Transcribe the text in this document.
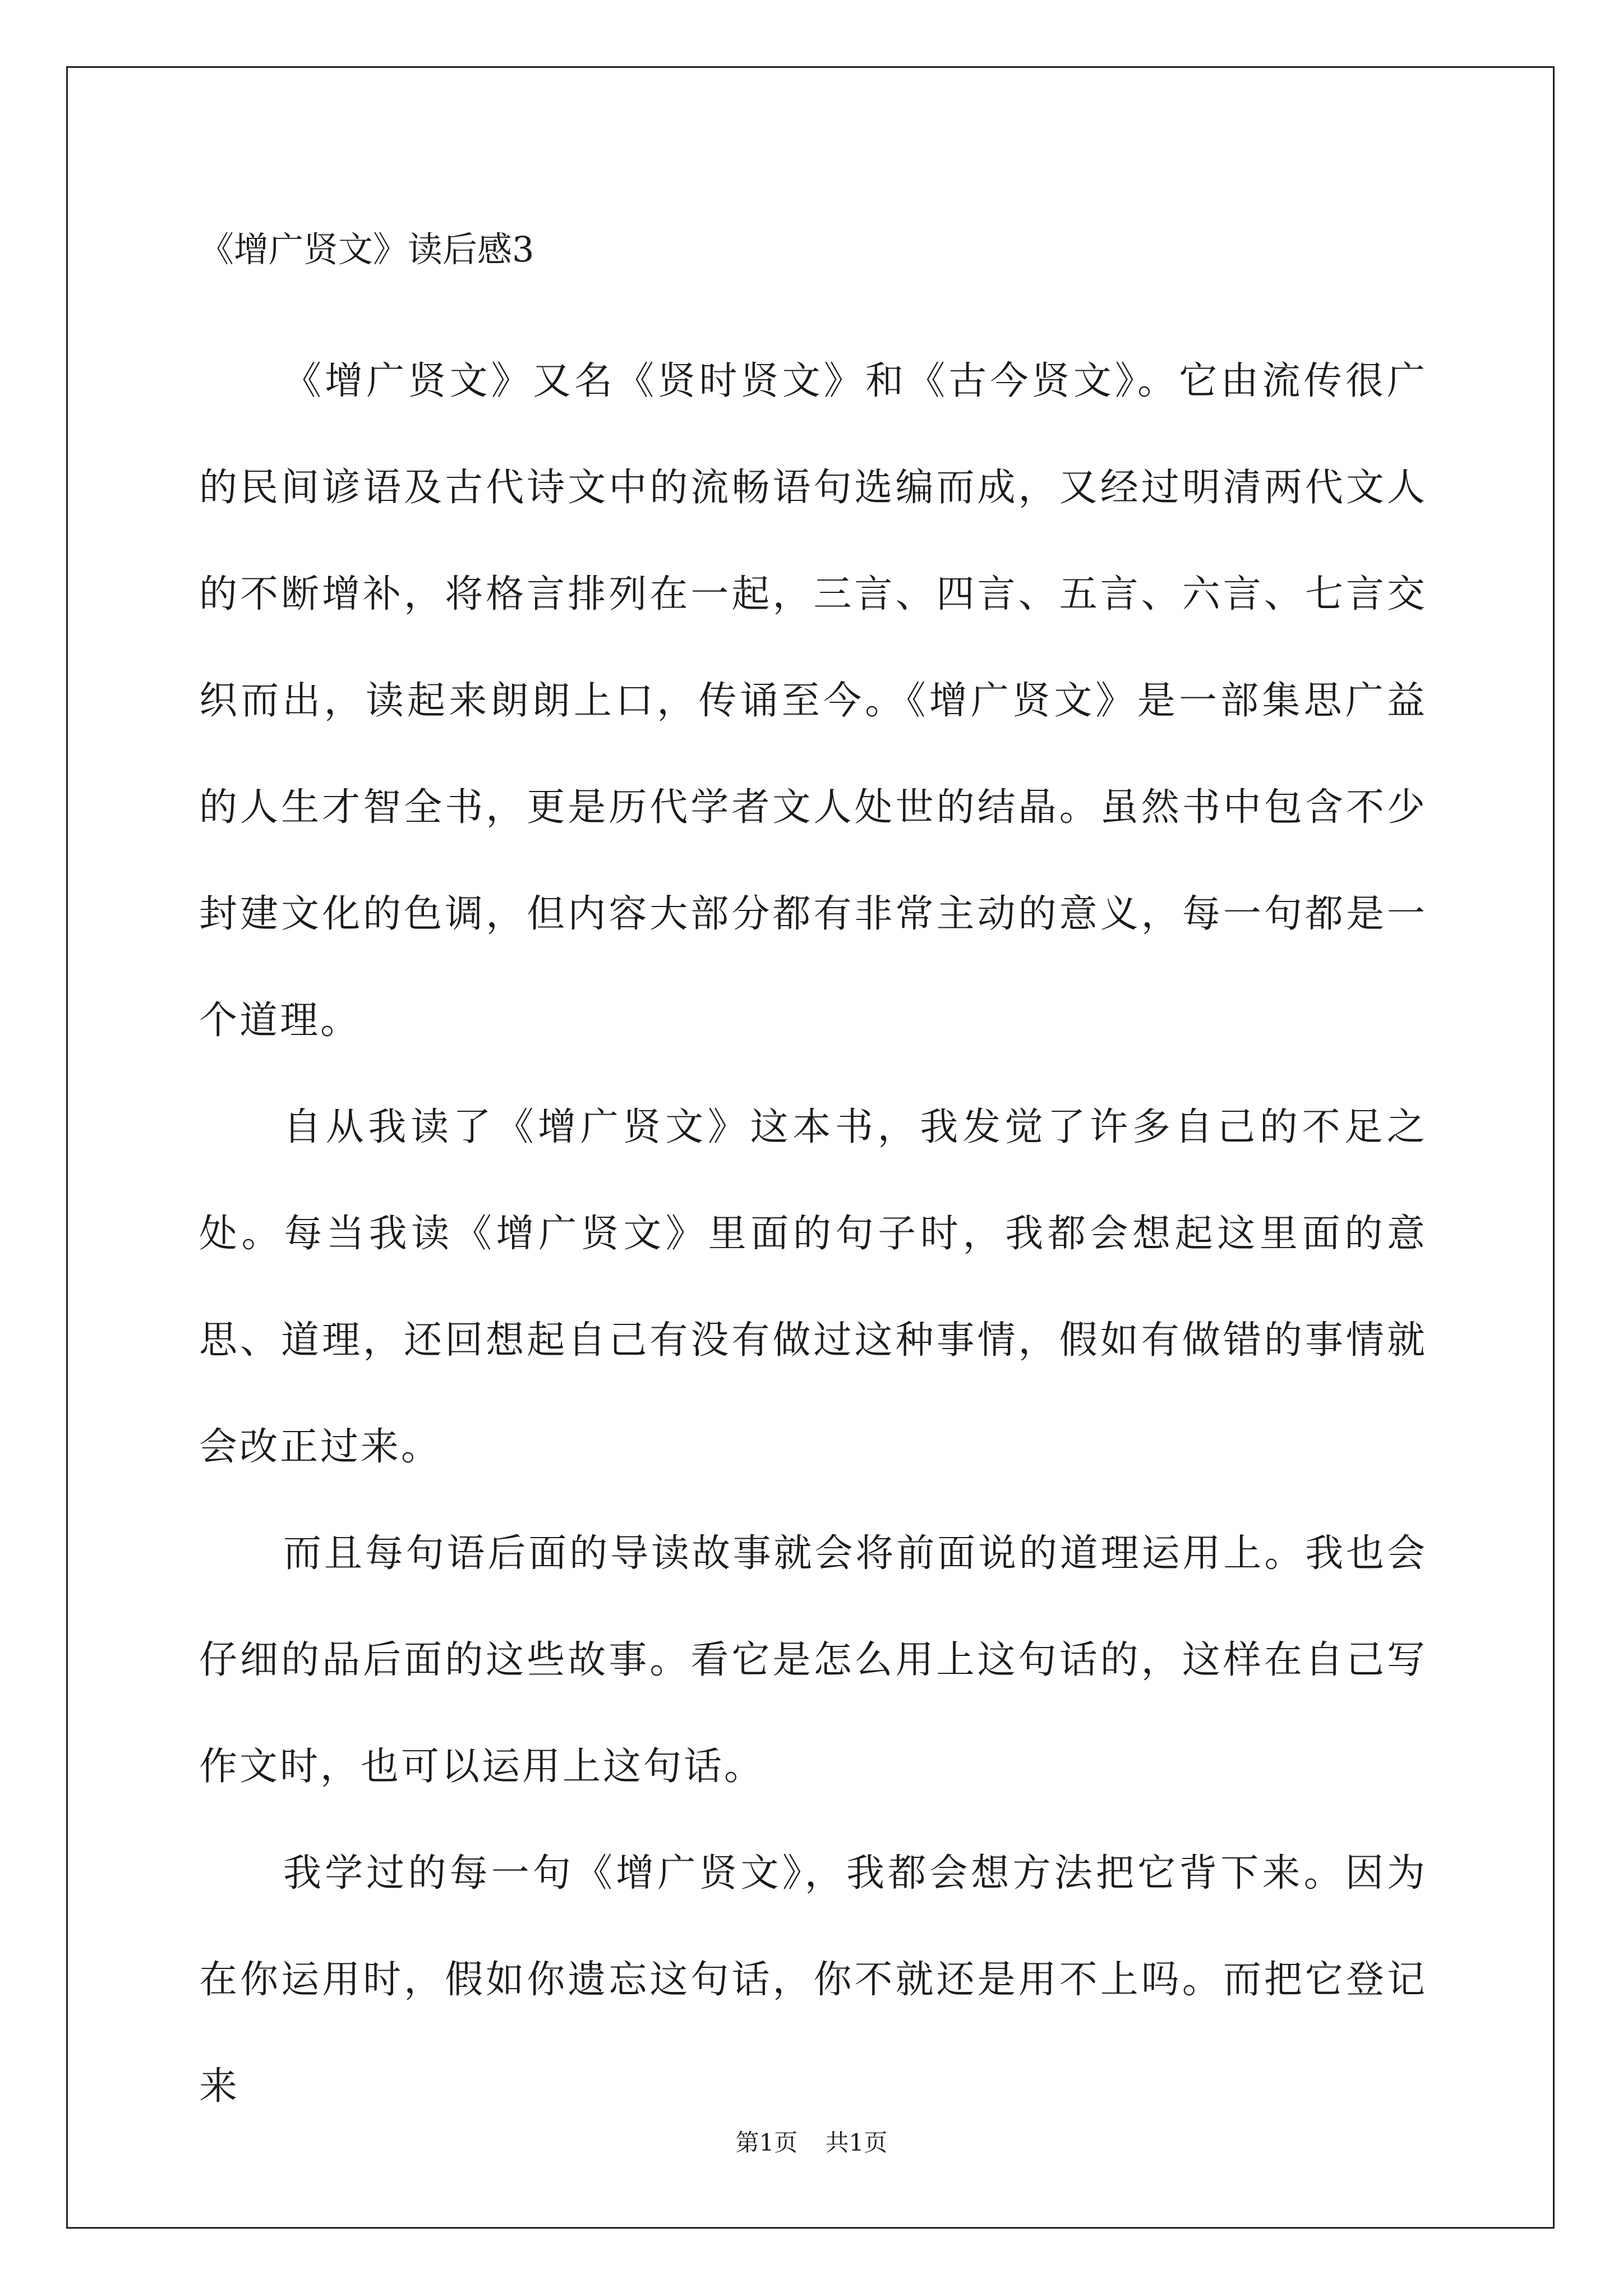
《增广贤文》读后感3

《增广贤文》又名《贤时贤文》和《古今贤文》。它由流传很广的民间谚语及古代诗文中的流畅语句选编而成，又经过明清两代文人的不断增补，将格言排列在一起，三言、四言、五言、六言、七言交织而出，读起来朗朗上口，传诵至今。《增广贤文》是一部集思广益的人生才智全书，更是历代学者文人处世的结晶。虽然书中包含不少封建文化的色调，但内容大部分都有非常主动的意义，每一句都是一个道理。

自从我读了《增广贤文》这本书，我发觉了许多自己的不足之处。每当我读《增广贤文》里面的句子时，我都会想起这里面的意思、道理，还回想起自己有没有做过这种事情，假如有做错的事情就会改正过来。

而且每句语后面的导读故事就会将前面说的道理运用上。我也会仔细的品后面的这些故事。看它是怎么用上这句话的，这样在自己写作文时，也可以运用上这句话。

我学过的每一句《增广贤文》，我都会想方法把它背下来。因为在你运用时，假如你遗忘这句话，你不就还是用不上吗。而把它登记来

第1页 共1页
